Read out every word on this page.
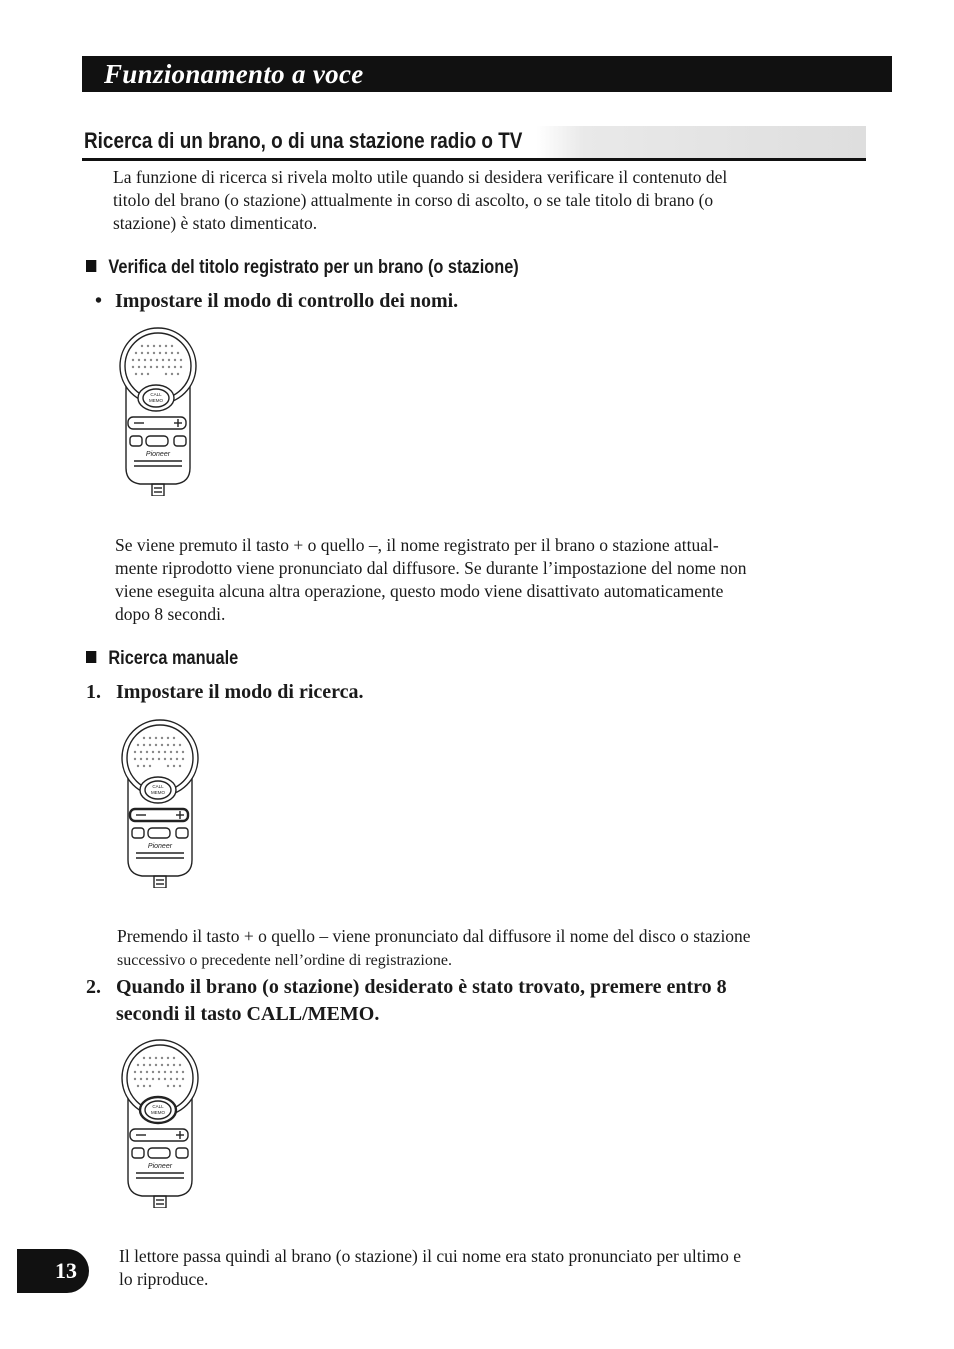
Funzionamento a voce
Ricerca di un brano, o di una stazione radio o TV

La funzione di ricerca si rivela molto utile quando si desidera verificare il contenuto del
titolo del brano (o stazione) attualmente in corso di ascolto, o se tale titolo di brano (o
stazione) è stato dimenticato.

Verifica del titolo registrato per un brano (o stazione)
• Impostare il modo di controllo dei nomi.
CALL
MEMO
Pioneer

Se viene premuto il tasto + o quello –, il nome registrato per il brano o stazione attual-
mente riprodotto viene pronunciato dal diffusore. Se durante l’impostazione del nome non
viene eseguita alcuna altra operazione, questo modo viene disattivato automaticamente
dopo 8 secondi.

Ricerca manuale
1. Impostare il modo di ricerca.
CALL
MEMO
Pioneer

Premendo il tasto + o quello – viene pronunciato dal diffusore il nome del disco o stazione
successivo o precedente nell’ordine di registrazione.

2. Quando il brano (o stazione) desiderato è stato trovato, premere entro 8
secondi il tasto CALL/MEMO.
CALL
MEMO
Pioneer

Il lettore passa quindi al brano (o stazione) il cui nome era stato pronunciato per ultimo e
lo riproduce.

13
